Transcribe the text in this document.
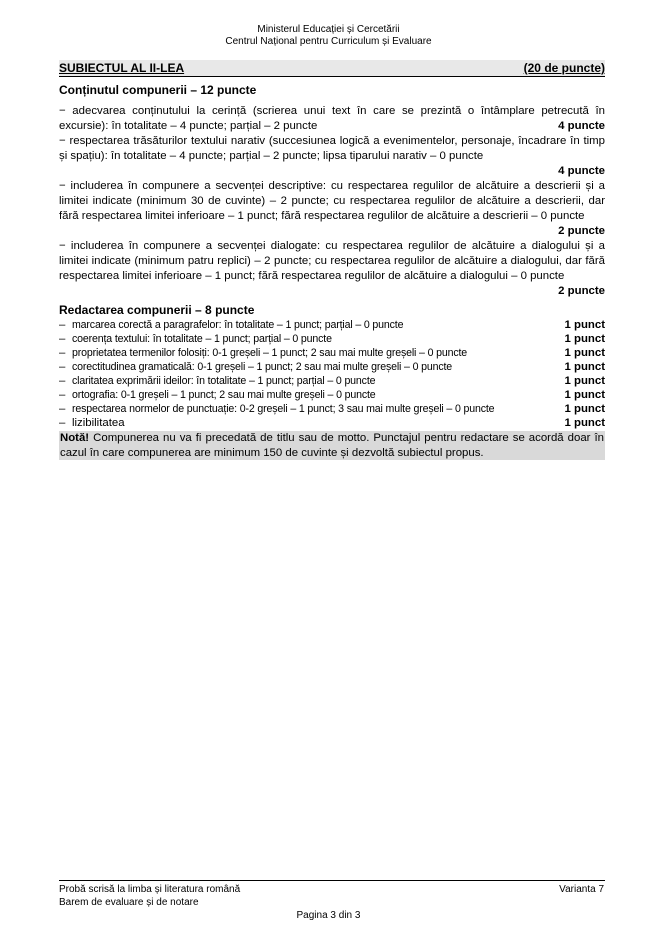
Ministerul Educației și Cercetării
Centrul Național pentru Curriculum și Evaluare
SUBIECTUL AL II-LEA	(20 de puncte)
Conținutul compunerii – 12 puncte
− adecvarea conținutului la cerință (scrierea unui text în care se prezintă o întâmplare petrecută în excursie): în totalitate – 4 puncte; parțial – 2 puncte	4 puncte
− respectarea trăsăturilor textului narativ (succesiunea logică a evenimentelor, personaje, încadrare în timp și spațiu): în totalitate – 4 puncte; parțial – 2 puncte; lipsa tiparului narativ – 0 puncte
4 puncte
− includerea în compunere a secvenței descriptive: cu respectarea regulilor de alcătuire a descrierii și a limitei indicate (minimum 30 de cuvinte) – 2 puncte; cu respectarea regulilor de alcătuire a descrierii, dar fără respectarea limitei inferioare – 1 punct; fără respectarea regulilor de alcătuire a descrierii – 0 puncte
2 puncte
− includerea în compunere a secvenței dialogate: cu respectarea regulilor de alcătuire a dialogului și a limitei indicate (minimum patru replici) – 2 puncte; cu respectarea regulilor de alcătuire a dialogului, dar fără respectarea limitei inferioare – 1 punct; fără respectarea regulilor de alcătuire a dialogului – 0 puncte
2 puncte
Redactarea compunerii – 8 puncte
– marcarea corectă a paragrafelor: în totalitate – 1 punct; parțial – 0 puncte	1 punct
– coerența textului: în totalitate – 1 punct; parțial – 0 puncte	1 punct
– proprietatea termenilor folosiți: 0-1 greșeli – 1 punct; 2 sau mai multe greșeli – 0 puncte	1 punct
– corectitudinea gramaticală: 0-1 greșeli – 1 punct; 2 sau mai multe greșeli – 0 puncte	1 punct
– claritatea exprimării ideilor: în totalitate – 1 punct; parțial – 0 puncte	1 punct
– ortografia: 0-1 greșeli – 1 punct; 2 sau mai multe greșeli – 0 puncte	1 punct
– respectarea normelor de punctuație: 0-2 greșeli – 1 punct; 3 sau mai multe greșeli – 0 puncte	1 punct
– lizibilitatea	1 punct
Notă! Compunerea nu va fi precedată de titlu sau de motto. Punctajul pentru redactare se acordă doar în cazul în care compunerea are minimum 150 de cuvinte și dezvoltă subiectul propus.
Probă scrisă la limba și literatura română
Barem de evaluare și de notare
Varianta 7
Pagina 3 din 3
